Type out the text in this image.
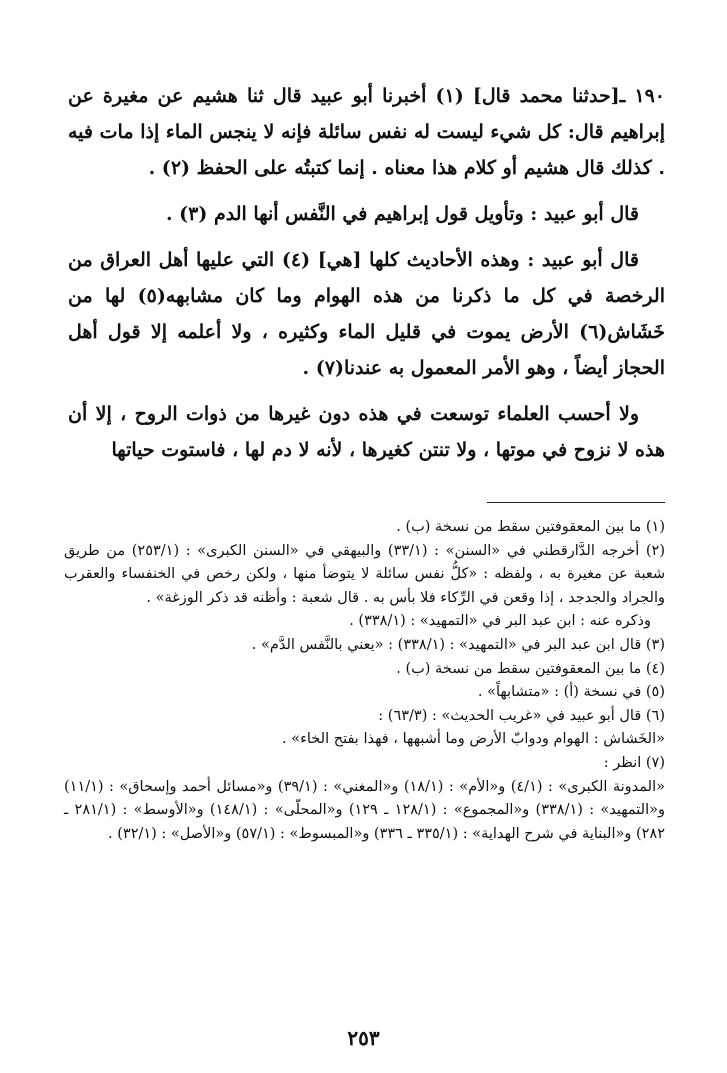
١٩٠ ـ[حدثنا محمد قال] (١) أخبرنا أبو عبيد قال ثنا هشيم عن مغيرة عن إبراهيم قال: كل شيء ليست له نفس سائلة فإنه لا ينجس الماء إذا مات فيه . كذلك قال هشيم أو كلام هذا معناه . إنما كتبتُه على الحفظ (٢) .

قال أبو عبيد : وتأويل قول إبراهيم في النَّفس أنها الدم (٣) .

قال أبو عبيد : وهذه الأحاديث كلها [هي] (٤) التي عليها أهل العراق من الرخصة في كل ما ذكرنا من هذه الهوام وما كان مشابهه(٥) لها من خَشَاش(٦) الأرض يموت في قليل الماء وكثيره ، ولا أعلمه إلا قول أهل الحجاز أيضاً ، وهو الأمر المعمول به عندنا(٧) .

ولا أحسب العلماء توسعت في هذه دون غيرها من ذوات الروح ، إلا أن هذه لا نزوح في موتها ، ولا تنتن كغيرها ، لأنه لا دم لها ، فاستوت حياتها

(١) ما بين المعقوفتين سقط من نسخة (ب) .

(٢) أخرجه الدَّارقطني في «السنن» : (٣٣/١) والبيهقي في «السنن الكبرى» : (٢٥٣/١) من طريق شعبة عن مغيرة به ، ولفظه : «كلُّ نفس سائلة لا يتوضأ منها ، ولكن رخص في الخنفساء والعقرب والجراد والجدجد ، إذا وقعن في الرِّكاء فلا بأس به . قال شعبة : وأظنه قد ذكر الوزغة» .

وذكره عنه : ابن عبد البر في «التمهيد» : (٣٣٨/١) .

(٣) قال ابن عبد البر في «التمهيد» : (٣٣٨/١) : «يعني بالنَّفس الدَّم» .

(٤) ما بين المعقوفتين سقط من نسخة (ب) .

(٥) في نسخة (أ) : «متشابهاً» .

(٦) قال أبو عبيد في «غريب الحديث» : (٦٣/٣) :

«الخَشاش : الهوام ودوابّ الأرض وما أشبهها ، فهذا بفتح الخاء» .

(٧) انظر :

«المدونة الكبرى» : (٤/١) و«الأم» : (١٨/١) و«المغني» : (٣٩/١) و«مسائل أحمد وإسحاق» : (١١/١) و«التمهيد» : (٣٣٨/١) و«المجموع» : (١٢٨/١ ـ ١٢٩) و«المحلّى» : (١٤٨/١) و«الأوسط» : (٢٨١/١ ـ ٢٨٢) و«البناية في شرح الهداية» : (٣٣٥/١ ـ ٣٣٦) و«المبسوط» : (٥٧/١) و«الأصل» : (٣٢/١) .

٢٥٣
